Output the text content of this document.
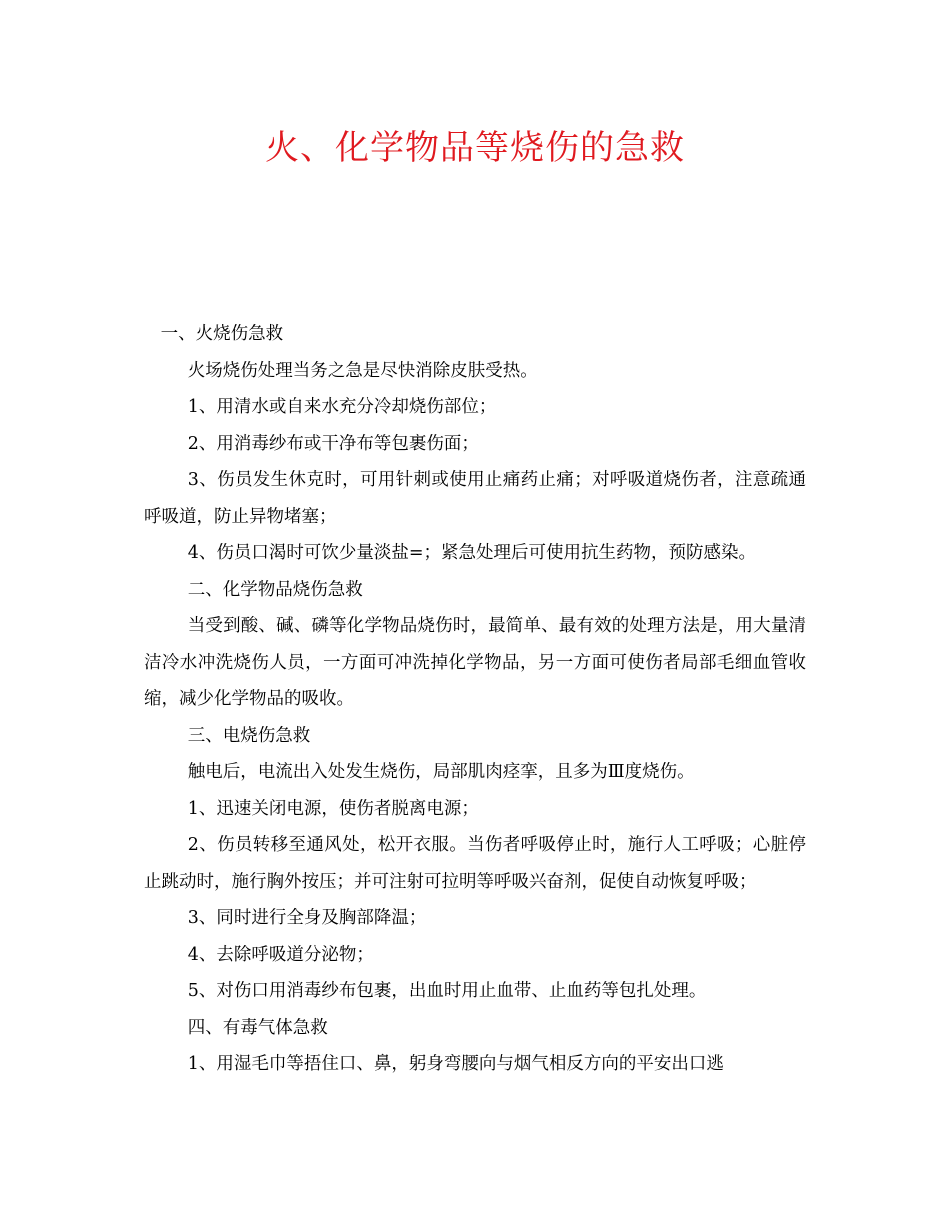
火、化学物品等烧伤的急救

一、火烧伤急救

火场烧伤处理当务之急是尽快消除皮肤受热。

1、用清水或自来水充分冷却烧伤部位；

2、用消毒纱布或干净布等包裹伤面；

3、伤员发生休克时，可用针刺或使用止痛药止痛；对呼吸道烧伤者，注意疏通呼吸道，防止异物堵塞；

4、伤员口渴时可饮少量淡盐=；紧急处理后可使用抗生药物，预防感染。

二、化学物品烧伤急救

当受到酸、碱、磷等化学物品烧伤时，最简单、最有效的处理方法是，用大量清洁冷水冲洗烧伤人员，一方面可冲洗掉化学物品，另一方面可使伤者局部毛细血管收缩，减少化学物品的吸收。

三、电烧伤急救

触电后，电流出入处发生烧伤，局部肌肉痉挛，且多为Ⅲ度烧伤。

1、迅速关闭电源，使伤者脱离电源；

2、伤员转移至通风处，松开衣服。当伤者呼吸停止时，施行人工呼吸；心脏停止跳动时，施行胸外按压；并可注射可拉明等呼吸兴奋剂，促使自动恢复呼吸；

3、同时进行全身及胸部降温；

4、去除呼吸道分泌物；

5、对伤口用消毒纱布包裹，出血时用止血带、止血药等包扎处理。

四、有毒气体急救

1、用湿毛巾等捂住口、鼻，躬身弯腰向与烟气相反方向的平安出口逃
